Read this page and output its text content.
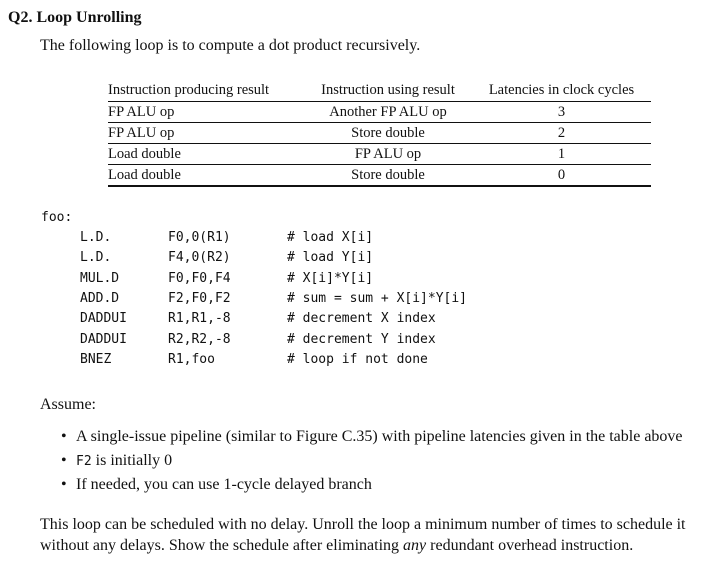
Q2. Loop Unrolling
The following loop is to compute a dot product recursively.
Instruction producing result	Instruction using result	Latencies in clock cycles
FP ALU op	Another FP ALU op	3
FP ALU op	Store double	2
Load double	FP ALU op	1
Load double	Store double	0
foo:
L.D.	F0,0(R1)	# load X[i]
L.D.	F4,0(R2)	# load Y[i]
MUL.D	F0,F0,F4	# X[i]*Y[i]
ADD.D	F2,F0,F2	# sum = sum + X[i]*Y[i]
DADDUI	R1,R1,-8	# decrement X index
DADDUI	R2,R2,-8	# decrement Y index
BNEZ	R1,foo	# loop if not done
Assume:
• A single-issue pipeline (similar to Figure C.35) with pipeline latencies given in the table above
• F2 is initially 0
• If needed, you can use 1-cycle delayed branch

This loop can be scheduled with no delay. Unroll the loop a minimum number of times to schedule it

without any delays. Show the schedule after eliminating any redundant overhead instruction.
